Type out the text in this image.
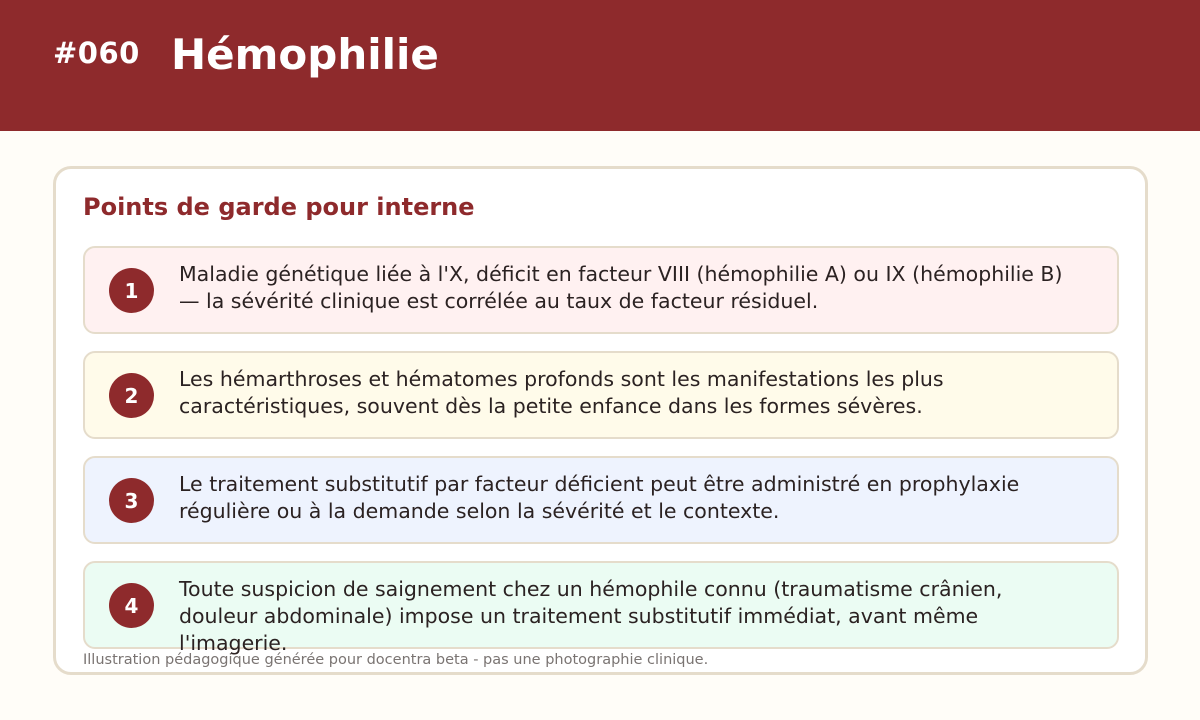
#060 Hémophilie
Points de garde pour interne
1
Maladie génétique liée à l'X, déficit en facteur VIII (hémophilie A) ou IX (hémophilie B) — la sévérité clinique est corrélée au taux de facteur résiduel.
2
Les hémarthroses et hématomes profonds sont les manifestations les plus caractéristiques, souvent dès la petite enfance dans les formes sévères.
3
Le traitement substitutif par facteur déficient peut être administré en prophylaxie régulière ou à la demande selon la sévérité et le contexte.
4
Toute suspicion de saignement chez un hémophile connu (traumatisme crânien, douleur abdominale) impose un traitement substitutif immédiat, avant même l'imagerie.
Illustration pédagogique générée pour docentra beta - pas une photographie clinique.
